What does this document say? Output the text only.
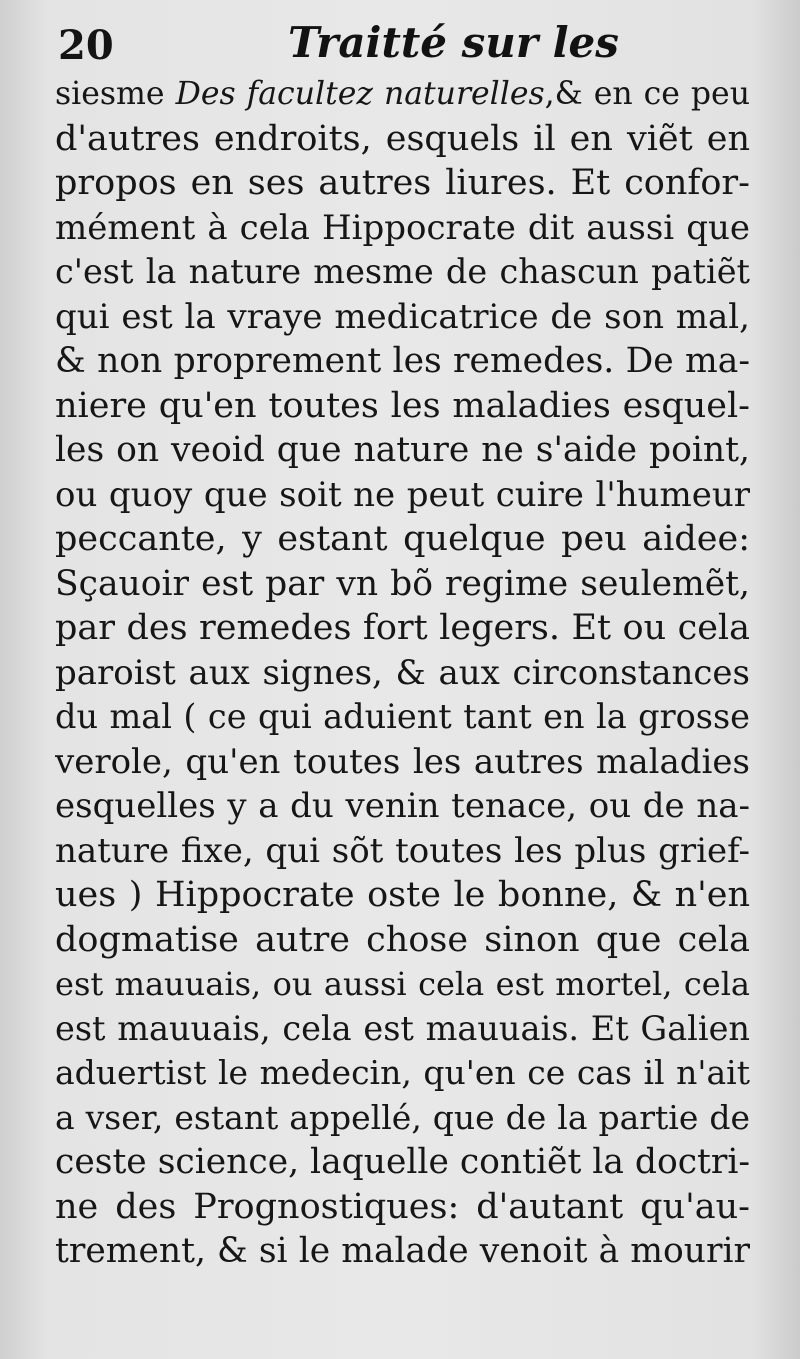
20	Traitté sur les
siesme Des facultez naturelles,& en ce peu
d'autres endroits, esquels il en viẽt en
propos en ses autres liures. Et confor-
mément à cela Hippocrate dit aussi que
c'est la nature mesme de chascun patiẽt
qui est la vraye medicatrice de son mal,
& non proprement les remedes. De ma-
niere qu'en toutes les maladies esquel-
les on veoid que nature ne s'aide point,
ou quoy que soit ne peut cuire l'humeur
peccante, y estant quelque peu aidee:
Sçauoir est par vn bõ regime seulemẽt,
par des remedes fort legers. Et ou cela
paroist aux signes, & aux circonstances
du mal ( ce qui aduient tant en la grosse
verole, qu'en toutes les autres maladies
esquelles y a du venin tenace, ou de na-
nature fixe, qui sõt toutes les plus grief-
ues ) Hippocrate oste le bonne, & n'en
dogmatise autre chose sinon que cela
est mauuais, ou aussi cela est mortel, cela
est mauuais, cela est mauuais. Et Galien
aduertist le medecin, qu'en ce cas il n'ait
a vser, estant appellé, que de la partie de
ceste science, laquelle contiẽt la doctri-
ne des Prognostiques: d'autant qu'au-
trement, & si le malade venoit à mourir
